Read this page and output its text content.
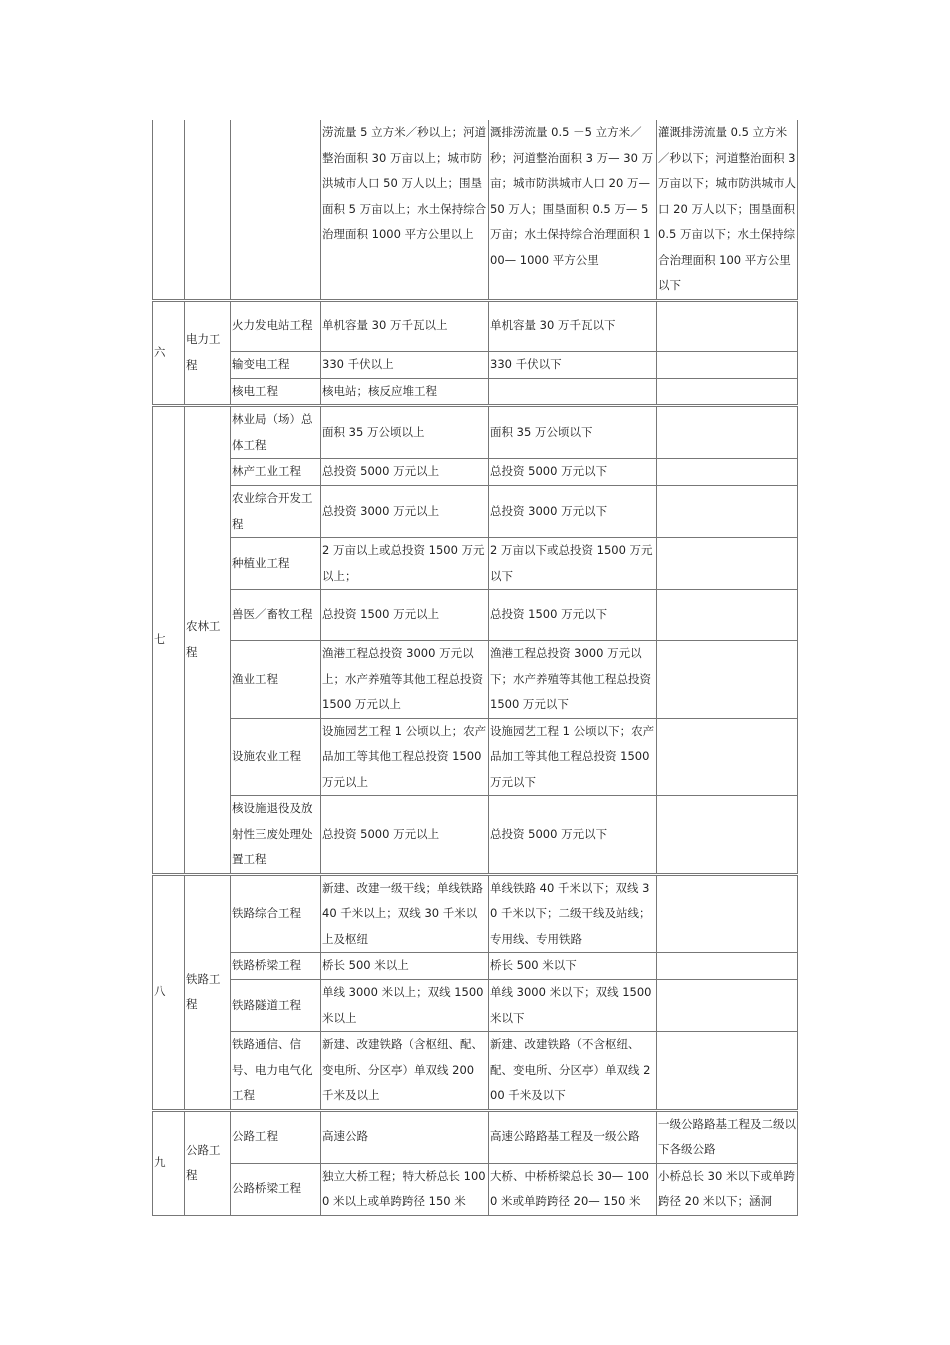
			涝流量 5 立方米／秒以上；河道整治面积 30 万亩以上；城市防洪城市人口 50 万人以上；围垦面积 5 万亩以上；水土保持综合治理面积 1000 平方公里以上	溉排涝流量 0.5 －5 立方米／秒；河道整治面积 3 万— 30 万亩；城市防洪城市人口 20 万— 50 万人；围垦面积 0.5 万— 5 万亩；水土保持综合治理面积 100— 1000 平方公里	灌溉排涝流量 0.5 立方米／秒以下；河道整治面积 3 万亩以下；城市防洪城市人口 20 万人以下；围垦面积 0.5 万亩以下；水土保持综合治理面积 100 平方公里以下
六	电力工程	火力发电站工程	单机容量 30 万千瓦以上	单机容量 30 万千瓦以下	
		输变电工程	330 千伏以上	330 千伏以下	
		核电工程	核电站；核反应堆工程		
七	农林工程	林业局（场）总体工程	面积 35 万公顷以上	面积 35 万公顷以下	
		林产工业工程	总投资 5000 万元以上	总投资 5000 万元以下	
		农业综合开发工程	总投资 3000 万元以上	总投资 3000 万元以下	
		种植业工程	2 万亩以上或总投资 1500 万元以上；	2 万亩以下或总投资 1500 万元以下	
		兽医／畜牧工程	总投资 1500 万元以上	总投资 1500 万元以下	
		渔业工程	渔港工程总投资 3000 万元以上；水产养殖等其他工程总投资 1500 万元以上	渔港工程总投资 3000 万元以下；水产养殖等其他工程总投资 1500 万元以下	
		设施农业工程	设施园艺工程 1 公顷以上；农产品加工等其他工程总投资 1500 万元以上	设施园艺工程 1 公顷以下；农产品加工等其他工程总投资 1500 万元以下	
		核设施退役及放射性三废处理处置工程	总投资 5000 万元以上	总投资 5000 万元以下	
八	铁路工程	铁路综合工程	新建、改建一级干线；单线铁路 40 千米以上；双线 30 千米以上及枢纽	单线铁路 40 千米以下；双线 30 千米以下；二级干线及站线；专用线、专用铁路	
		铁路桥梁工程	桥长 500 米以上	桥长 500 米以下	
		铁路隧道工程	单线 3000 米以上；双线 1500 米以上	单线 3000 米以下；双线 1500 米以下	
		铁路通信、信号、电力电气化工程	新建、改建铁路（含枢纽、配、变电所、分区亭）单双线 200 千米及以上	新建、改建铁路（不含枢纽、配、变电所、分区亭）单双线 200 千米及以下	
九	公路工程	公路工程	高速公路	高速公路路基工程及一级公路	一级公路路基工程及二级以下各级公路
		公路桥梁工程	独立大桥工程；特大桥总长 1000 米以上或单跨跨径 150 米	大桥、中桥桥梁总长 30— 1000 米或单跨跨径 20— 150 米	小桥总长 30 米以下或单跨跨径 20 米以下；涵洞
